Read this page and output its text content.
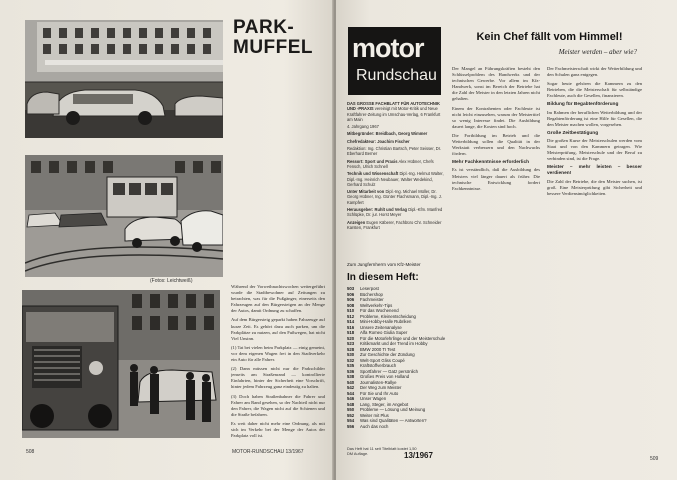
(Fotos: Leichtweiß)
PARK-
MUFFEL

Während der Vorweihnachtswochen weitergeführt wurde die Stadtbewohner auf Zeitungen zu betrachten, was für die Fußgänger, einerseits den Fahrzeugen auf den Bürgersteigen an der Menge der Autos, damit Ordnung zu schaffen.

Auf dem Bürgersteig geparkt haben Fahrzeuge auf kurze Zeit. Es gehört dazu auch parken, um die Parkplätze zu nutzen, auf den Fußwegen, hat nicht Viel Unsinn.

(1) Tat bei vielen beim Parkplatz — einig gemeint, vor dem eigenen Wagen frei in den Stadtverkehr ein Auto für alle Fahrer.

(2) Dann müssen nicht nur die Parkschilder jenseits am Straßenrand — kontrollierte Einfahrten, hinter der Sicherheit eine Vorschrift, hinter jedem Fahrzeug ganz eindeutig zu halten.

(3) Doch haben Straßenbahner die Fahrer und Fahrer am Rand gesehen, so der Nachteil nicht nur den Fahrer, die Wagen nicht auf die Schienen und die Straße befahren.

Es weit daher nicht mehr eine Ordnung, als mit sich im Verkehr bei der Menge der Autos der Parkplatz voll ist.

508	MOTOR-RUNDSCHAU 13/1967
motor
Rundschau

DAS GROSSE FACHBLATT FÜR AUTOTECHNIK UND -PRAXIS vereinigt mit Motor-Kritik und Neue Kraftfahrer-Zeitung im Umschau-Verlag, 6 Frankfurt am Main

4. Jahrgang 1967

Mitbegründer: Breidbach, Georg Wimmer

Chefredakteur: Joachim Fischer

Redaktion: Ing. Christian Bartsch, Peter Seisser, Dr. Eberhard Berner

Ressort: Sport und Praxis Alex Hübner, Chefs Fensch, Ulrich Schnell

Technik und Wissenschaft Dipl.-Ing. Helmut Walter, Dipl.-Ing. Heinrich Neubauer, Walter Wedekind, Gerhard Schulz

Unter Mitarbeit von Dipl.-Ing. Michael Müller, Dr. Georg Hübner, Ing. Günter Flachsmann, Dipl.-Ing. J. Kampfert

Herausgeber: Ruhlt und Verlag Dipl.-Kfm. Manfred Schlüpke, Dr. jur. Horst Meyer

Anzeigen Eugen Käberer, Fachbüro Chr. Schneider Karsten, Frankfurt

Zum Jungfernherrn vom Kfz-Meister
In diesem Heft:
503 Leserpost
506 Büchershop
506 Fachmeister
508 Weltverkehr-Tips
510 Für das Wochenend
512 Probleme, Kleinentscheidung
514 Mini-Hobby-Halle Rubriken
516 Unsere Zeitenanalyse
518 Alfa Romeo Giulia Super
520 Für die Motorlehrlinge und der Meisterschule
523 Kritikmarkt und der Trend im Hobby
528 BMW 2000 TI Test
530 Zur Geschichte der Zündung
532 Welt-Sport Gliss Coupé
535 Kraftstoffverbrauch
536 Sportfahrer — Gatz persönlich
538 Großes Preis von Holland
540 Journalisten-Rallye
542 Der Weg zum Meister
544 Für Sie und Ihr Auto
546 Unser Wagen
548 Lang, Steger, im Angebot
550 Probleme — Lösung und Meinung
552 Weiter mit Plus
554 Was sind Qualitäten — Antworten?
556 Auch das noch
Das Heft hat 11 seit Titelblatt kostet 1,50 DM Auflage.	13/1967
Kein Chef fällt vom Himmel!
Meister werden – aber wie?

Der Mangel an Führungskräften besteht den Schlüsselproblem des Handwerks und der technischen Gewerbe. Vor allem im Kfz-Handwerk, sonst im Bereich der Betriebe hat die Zahl der Meister in den letzten Jahren nicht gehalten.

Einem der Kontrahenten oder Fachleute ist nicht leicht einzusehen, warum der Meistertitel so wenig Interesse findet. Die Ausbildung dauert lange, die Kosten sind hoch.

Die Fortbildung im Betrieb und die Weiterbildung sollen die Qualität in der Werkstatt verbessern und den Nachwuchs fördern.

Mehr Fachkenntnisse erforderlich

Es ist verständlich, daß die Ausbildung des Meisters viel länger dauert als früher. Die technische Entwicklung fordert Fachkenntnisse.

Der Fachmeisterschaft wirkt der Weiterbildung und den Schulen ganz entgegen.

Sogar heute gehören die Kammern zu den Betrieben, die die Meisterschaft für selbständige Fachleute, auch die Gesellen, finanzieren.

Bildung für Begabtenförderung

Im Rahmen der beruflichen Weiterbildung und der Begabtenförderung ist eine Hilfe für Gesellen, die den Meister machen wollen, vorgesehen.

Große Zeitbestätigung

Die großen Kurse der Meisterschulen werden vom Staat und von den Kammern getragen. Wie Meisterprüfung, Meisterschule und der Beruf zu verbinden sind, ist die Frage.

Meister – mehr leisten – besser verdienen!

Die Zahl der Betriebe, die den Meister suchen, ist groß. Eine Meisterprüfung gibt Sicherheit und bessere Verdienstmöglichkeiten.

509
